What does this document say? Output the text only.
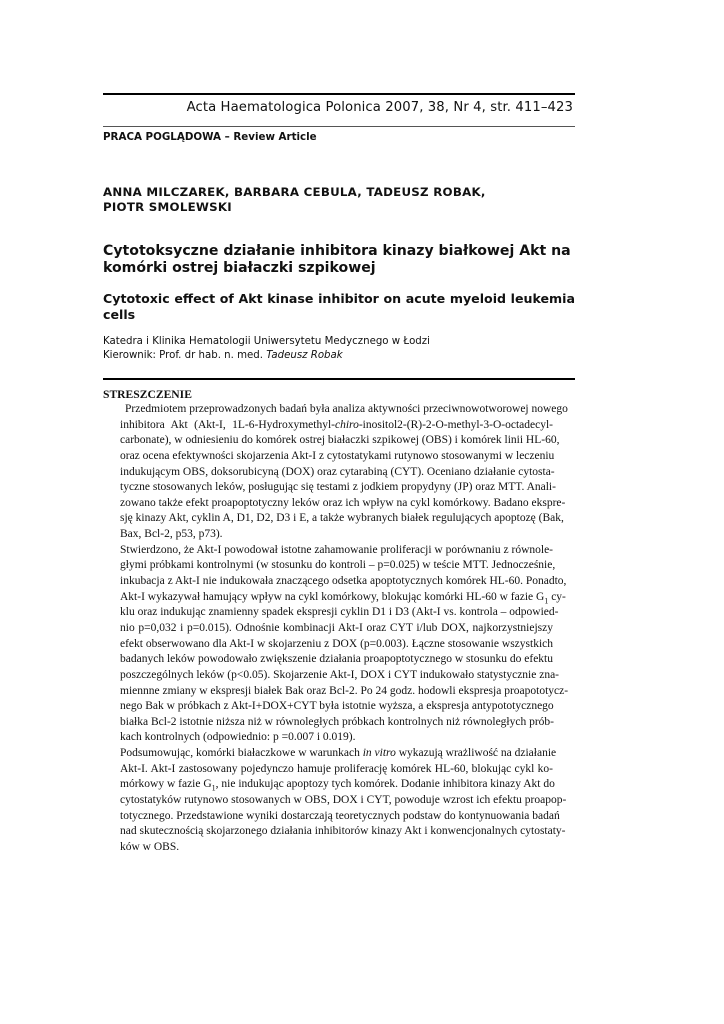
Acta Haematologica Polonica 2007, 38, Nr 4, str. 411–423
PRACA POGLĄDOWA – Review Article
ANNA MILCZAREK, BARBARA CEBULA, TADEUSZ ROBAK,
PIOTR SMOLEWSKI
Cytotoksyczne działanie inhibitora kinazy białkowej Akt na
komórki ostrej białaczki szpikowej
Cytotoxic effect of Akt kinase inhibitor on acute myeloid leukemia cells
Katedra i Klinika Hematologii Uniwersytetu Medycznego w Łodzi
Kierownik: Prof. dr hab. n. med. Tadeusz Robak
STRESZCZENIE
Przedmiotem przeprowadzonych badań była analiza aktywności przeciwnowotworowej nowego
inhibitora Akt (Akt-I, 1L-6-Hydroxymethyl-chiro-inositol2-(R)-2-O-methyl-3-O-octadecyl-
carbonate), w odniesieniu do komórek ostrej białaczki szpikowej (OBS) i komórek linii HL-60,
oraz ocena efektywności skojarzenia Akt-I z cytostatykami rutynowo stosowanymi w leczeniu
indukującym OBS, doksorubicyną (DOX) oraz cytarabiną (CYT). Oceniano działanie cytosta-
tyczne stosowanych leków, posługując się testami z jodkiem propydyny (JP) oraz MTT. Anali-
zowano także efekt proapoptotyczny leków oraz ich wpływ na cykl komórkowy. Badano ekspre-
sję kinazy Akt, cyklin A, D1, D2, D3 i E, a także wybranych białek regulujących apoptozę (Bak,
Bax, Bcl-2, p53, p73).
Stwierdzono, że Akt-I powodował istotne zahamowanie proliferacji w porównaniu z równole-
głymi próbkami kontrolnymi (w stosunku do kontroli – p=0.025) w teście MTT. Jednocześnie,
inkubacja z Akt-I nie indukowała znaczącego odsetka apoptotycznych komórek HL-60. Ponadto,
Akt-I wykazywał hamujący wpływ na cykl komórkowy, blokując komórki HL-60 w fazie $G_1$ cy-
klu oraz indukując znamienny spadek ekspresji cyklin D1 i D3 (Akt-I vs. kontrola – odpowied-
nio p=0,032 i p=0.015). Odnośnie kombinacji Akt-I oraz CYT i/lub DOX, najkorzystniejszy
efekt obserwowano dla Akt-I w skojarzeniu z DOX (p=0.003). Łączne stosowanie wszystkich
badanych leków powodowało zwiększenie działania proapoptotycznego w stosunku do efektu
poszczególnych leków (p<0.05). Skojarzenie Akt-I, DOX i CYT indukowało statystycznie zna-
miennne zmiany w ekspresji białek Bak oraz Bcl-2. Po 24 godz. hodowli ekspresja proapototycz-
nego Bak w próbkach z Akt-I+DOX+CYT była istotnie wyższa, a ekspresja antypototycznego
białka Bcl-2 istotnie niższa niż w równoległych próbkach kontrolnych niż równoległych prób-
kach kontrolnych (odpowiednio: p =0.007 i 0.019).
Podsumowując, komórki białaczkowe w warunkach in vitro wykazują wrażliwość na działanie
Akt-I. Akt-I zastosowany pojedynczo hamuje proliferację komórek HL-60, blokując cykl ko-
mórkowy w fazie $G_1$, nie indukując apoptozy tych komórek. Dodanie inhibitora kinazy Akt do
cytostatyków rutynowo stosowanych w OBS, DOX i CYT, powoduje wzrost ich efektu proapop-
totycznego. Przedstawione wyniki dostarczają teoretycznych podstaw do kontynuowania badań
nad skutecznością skojarzonego działania inhibitorów kinazy Akt i konwencjonalnych cytostaty-
ków w OBS.
